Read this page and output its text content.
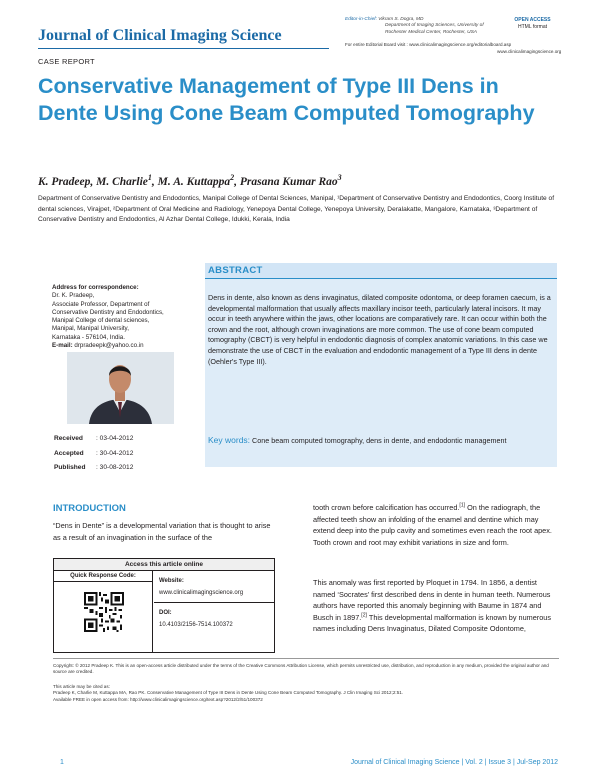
Journal of Clinical Imaging Science
Editor-in-Chief: Vikram S. Dogra, MD
Department of Imaging Sciences, University of
Rochester Medical Center, Rochester, USA
For entire Editorial Board visit : www.clinicalimagingscience.org/editorialboard.asp
OPEN ACCESS
HTML format
www.clinicalimagingscience.org
CASE REPORT
Conservative Management of Type III Dens in Dente Using Cone Beam Computed Tomography
K. Pradeep, M. Charlie$^1$, M. A. Kuttappa$^2$, Prasana Kumar Rao$^3$
Department of Conservative Dentistry and Endodontics, Manipal College of Dental Sciences, Manipal, ¹Department of Conservative Dentistry and Endodontics, Coorg Institute of dental sciences, Virajpet, ²Department of Oral Medicine and Radiology, Yenepoya Dental College, Yenepoya University, Deralakatte, Mangalore, Karnataka, ³Department of Conservative Dentistry and Endodontics, Al Azhar Dental College, Idukki, Kerala, India
Address for correspondence:
Dr. K. Pradeep,
Associate Professor, Department of
Conservative Dentistry and Endodontics,
Manipal College of dental sciences,
Manipal, Manipal University,
Karnataka - 576104, India.
E-mail: drpradeepk@yahoo.co.in
Received	: 03-04-2012
Accepted	: 30-04-2012
Published	: 30-08-2012
ABSTRACT
Dens in dente, also known as dens invaginatus, dilated composite odontoma, or deep foramen caecum, is a developmental malformation that usually affects maxillary incisor teeth, particularly lateral incisors. It may occur in teeth anywhere within the jaws, other locations are comparatively rare. It can occur within both the crown and the root, although crown invaginations are more common. The use of cone beam computed tomography (CBCT) is very helpful in endodontic diagnosis of complex anatomic variations. In this case we demonstrate the use of CBCT in the evaluation and endodontic management of a Type III dens in dente (Oehler's Type III).
Key words: Cone beam computed tomography, dens in dente, and endodontic management
INTRODUCTION
“Dens in Dente” is a developmental variation that is thought to arise as a result of an invagination in the surface of the
Access this article online
Quick Response Code:
Website:
www.clinicalimagingscience.org
DOI:
10.4103/2156-7514.100372
tooth crown before calcification has occurred.[1] On the radiograph, the affected teeth show an infolding of the enamel and dentine which may extend deep into the pulp cavity and sometimes even reach the root apex. Tooth crown and root may exhibit variations in size and form.
This anomaly was first reported by Ploquet in 1794. In 1856, a dentist named ‘Socrates’ first described dens in dente in human teeth. Numerous authors have reported this anomaly beginning with Baume in 1874 and Busch in 1897.[2] This developmental malformation is known by numerous names including Dens Invaginatus, Dilated Composite Odontome,
Copyright: © 2012 Pradeep K. This is an open-access article distributed under the terms of the Creative Commons Attribution License, which permits unrestricted use, distribution, and reproduction in any medium, provided the original author and source are credited.
This article may be cited as:
Pradeep K, Charlie M, Kuttappa MA, Rao PK. Conservative Management of Type III Dens in Dente Using Cone Beam Computed Tomography. J Clin Imaging Sci 2012;2:51.
Available FREE in open access from: http://www.clinicalimagingscience.org/text.asp?2012/2/51/100372
1	Journal of Clinical Imaging Science | Vol. 2 | Issue 3 | Jul-Sep 2012
